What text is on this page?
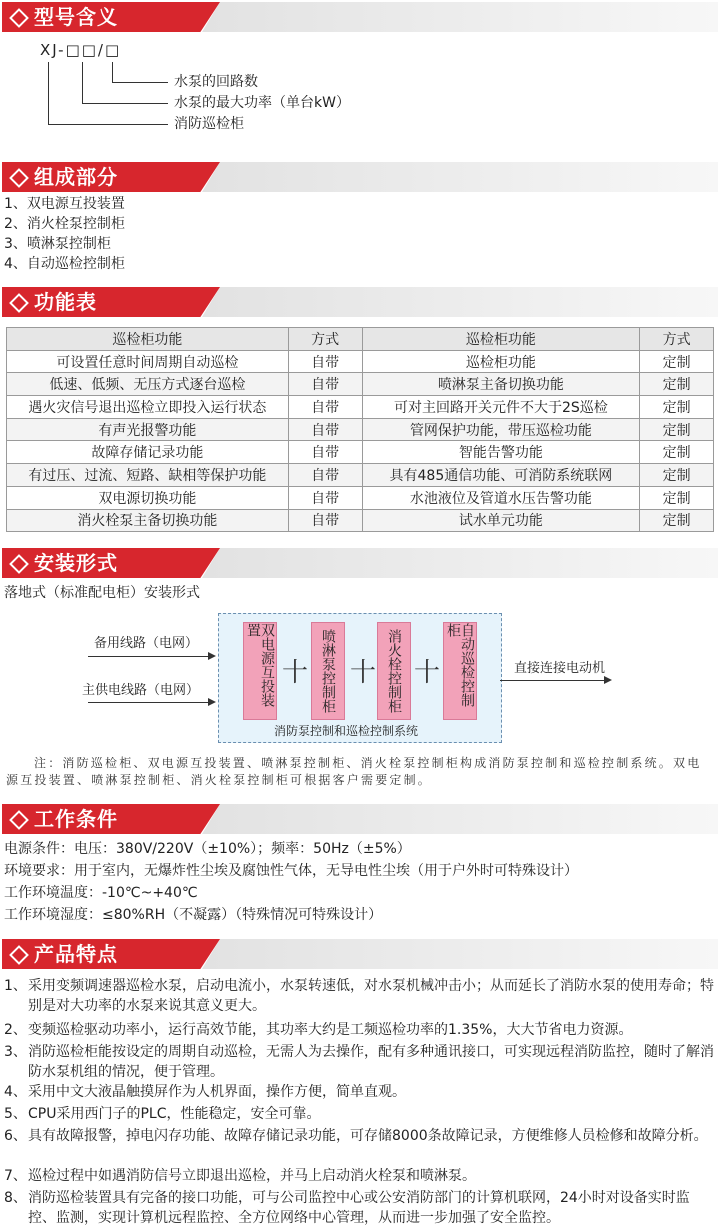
型号含义
XJ-□□/□
水泵的回路数
水泵的最大功率（单台kW）
消防巡检柜
组成部分
1、双电源互投装置
2、消火栓泵控制柜
3、喷淋泵控制柜
4、自动巡检控制柜
功能表
巡检柜功能	方式	巡检柜功能	方式
可设置任意时间周期自动巡检	自带	巡检柜功能	定制
低速、低频、无压方式逐台巡检	自带	喷淋泵主备切换功能	定制
遇火灾信号退出巡检立即投入运行状态	自带	可对主回路开关元件不大于2S巡检	定制
有声光报警功能	自带	管网保护功能，带压巡检功能	定制
故障存储记录功能	自带	智能告警功能	定制
有过压、过流、短路、缺相等保护功能	自带	具有485通信功能、可消防系统联网	定制
双电源切换功能	自带	水池液位及管道水压告警功能	定制
消火栓泵主备切换功能	自带	试水单元功能	定制
安装形式
落地式（标准配电柜）安装形式
备用线路（电网）
主供电线路（电网）	双电源互投装置
十 喷淋泵控制柜 十 消火栓控制柜 十	自动巡检控制柜
消防泵控制和巡检控制系统
直接连接电动机
注：消防巡检柜、双电源互投装置、喷淋泵控制柜、消火栓泵控制柜构成消防泵控制和巡检控制系统。双电源互投装置、喷淋泵控制柜、消火栓泵控制柜可根据客户需要定制。
工作条件
电源条件：电压：380V/220V（±10%）；频率：50Hz（±5%）
环境要求：用于室内，无爆炸性尘埃及腐蚀性气体，无导电性尘埃（用于户外时可特殊设计）
工作环境温度：-10℃~+40℃
工作环境湿度：≤80%RH（不凝露）（特殊情况可特殊设计）
产品特点
1、 采用变频调速器巡检水泵，启动电流小，水泵转速低，对水泵机械冲击小；从而延长了消防水泵的使用寿命；特别是对大功率的水泵来说其意义更大。
2、 变频巡检驱动功率小，运行高效节能，其功率大约是工频巡检功率的1.35%，大大节省电力资源。
3、 消防巡检柜能按设定的周期自动巡检，无需人为去操作，配有多种通讯接口，可实现远程消防监控，随时了解消防水泵机组的情况，便于管理。
4、 采用中文大液晶触摸屏作为人机界面，操作方便，简单直观。
5、 CPU采用西门子的PLC，性能稳定，安全可靠。
6、 具有故障报警，掉电闪存功能、故障存储记录功能，可存储8000条故障记录，方便维修人员检修和故障分析。
7、 巡检过程中如遇消防信号立即退出巡检，并马上启动消火栓泵和喷淋泵。
8、 消防巡检装置具有完备的接口功能，可与公司监控中心或公安消防部门的计算机联网，24小时对设备实时监控、监测，实现计算机远程监控、全方位网络中心管理，从而进一步加强了安全监控。
